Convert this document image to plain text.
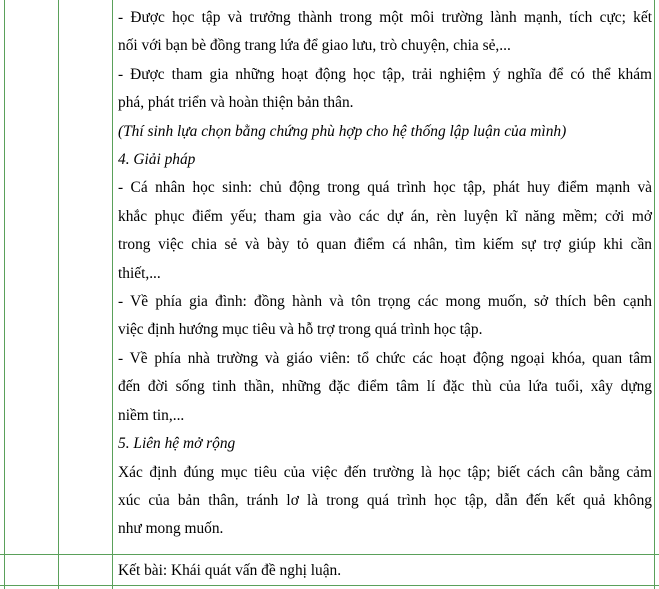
- Được học tập và trưởng thành trong một môi trường lành mạnh, tích cực; kếtnối với bạn bè đồng trang lứa để giao lưu, trò chuyện, chia sẻ,...

- Được tham gia những hoạt động học tập, trải nghiệm ý nghĩa để có thể khámphá, phát triển và hoàn thiện bản thân.

(Thí sinh lựa chọn bằng chứng phù hợp cho hệ thống lập luận của mình)

4. Giải pháp

- Cá nhân học sinh: chủ động trong quá trình học tập, phát huy điểm mạnh vàkhắc phục điểm yếu; tham gia vào các dự án, rèn luyện kĩ năng mềm; cởi mởtrong việc chia sẻ và bày tỏ quan điểm cá nhân, tìm kiếm sự trợ giúp khi cầnthiết,...

- Về phía gia đình: đồng hành và tôn trọng các mong muốn, sở thích bên cạnhviệc định hướng mục tiêu và hỗ trợ trong quá trình học tập.

- Về phía nhà trường và giáo viên: tổ chức các hoạt động ngoại khóa, quan tâmđến đời sống tinh thần, những đặc điểm tâm lí đặc thù của lứa tuổi, xây dựngniềm tin,...

5. Liên hệ mở rộng

Xác định đúng mục tiêu của việc đến trường là học tập; biết cách cân bằng cảmxúc của bản thân, tránh lơ là trong quá trình học tập, dẫn đến kết quả khôngnhư mong muốn.

Kết bài: Khái quát vấn đề nghị luận.
